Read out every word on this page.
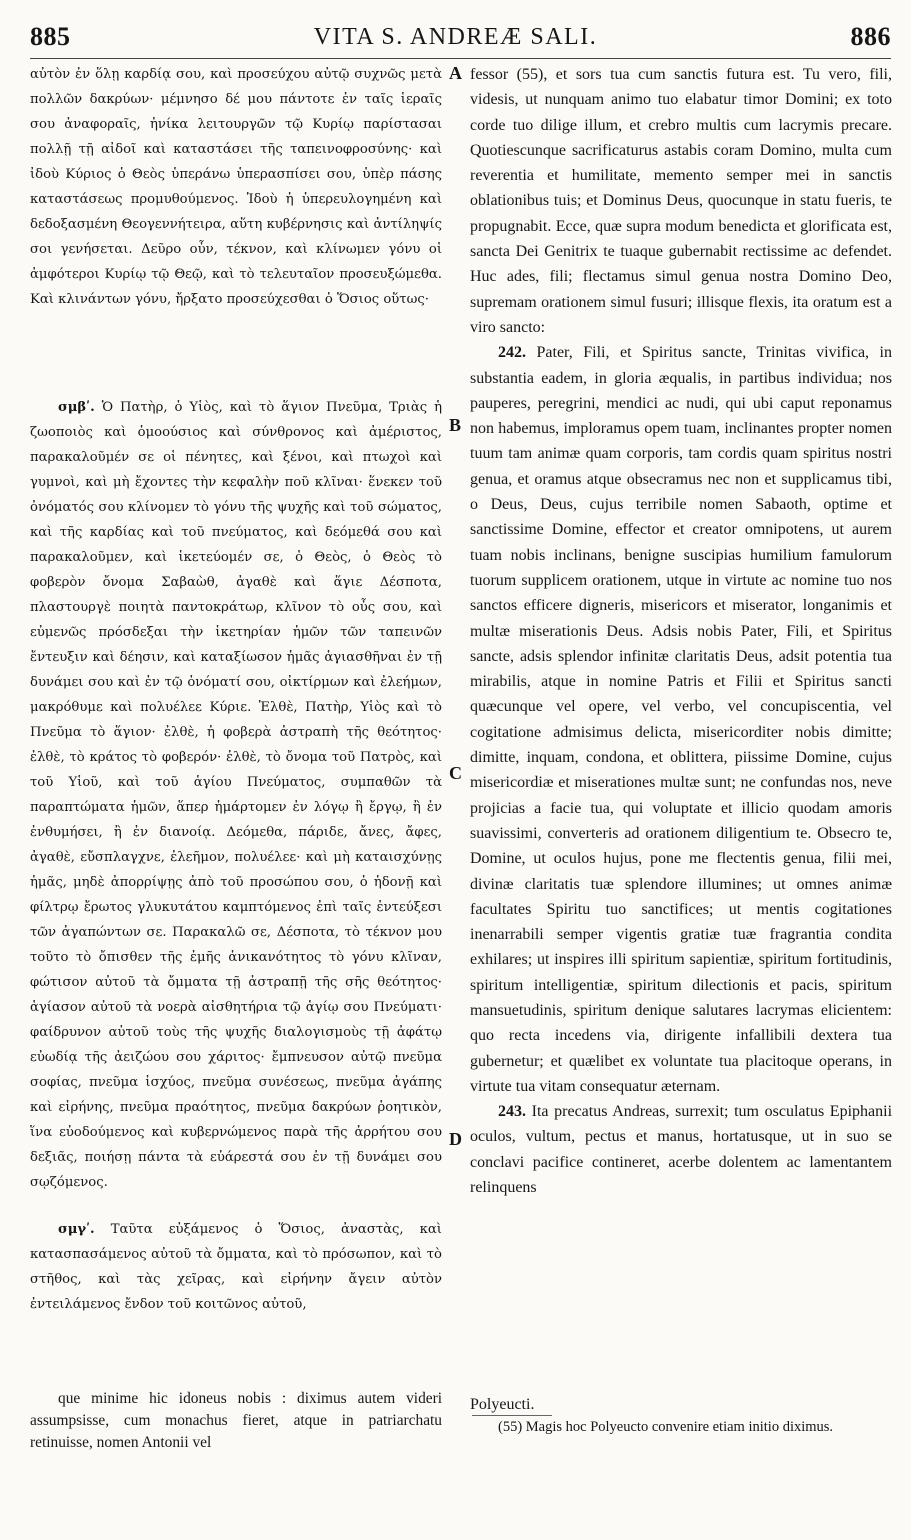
885	VITA S. ANDREÆ SALI.	886

αὐτὸν ἐν ὅλῃ καρδίᾳ σου, καὶ προσεύχου αὐτῷ συχνῶς μετὰ πολλῶν δακρύων· μέμνησο δέ μου πάντοτε ἐν ταῖς ἱεραῖς σου ἀναφοραῖς, ἡνίκα λειτουργῶν τῷ Κυρίῳ παρίστασαι πολλῇ τῇ αἰδοῖ καὶ καταστάσει τῆς ταπεινοφροσύνης· καὶ ἰδοὺ Κύριος ὁ Θεὸς ὑπεράνω ὑπερασπίσει σου, ὑπὲρ πάσης καταστάσεως προμυθούμενος. Ἰδοὺ ἡ ὑπερευλογημένη καὶ δεδοξασμένη Θεογεννήτειρα, αὕτη κυβέρνησις καὶ ἀντίληψίς σοι γενήσεται. Δεῦρο οὖν, τέκνον, καὶ κλίνωμεν γόνυ οἱ ἀμφότεροι Κυρίῳ τῷ Θεῷ, καὶ τὸ τελευταῖον προσευξώμεθα. Καὶ κλινάντων γόνυ, ἤρξατο προσεύχεσθαι ὁ Ὅσιος οὕτως·

σμβʹ. Ὁ Πατὴρ, ὁ Υἱὸς, καὶ τὸ ἅγιον Πνεῦμα, Τριὰς ἡ ζωοποιὸς καὶ ὁμοούσιος καὶ σύνθρονος καὶ ἀμέριστος, παρακαλοῦμέν σε οἱ πένητες, καὶ ξένοι, καὶ πτωχοὶ καὶ γυμνοὶ, καὶ μὴ ἔχοντες τὴν κεφαλὴν ποῦ κλῖναι· ἕνεκεν τοῦ ὀνόματός σου κλίνομεν τὸ γόνυ τῆς ψυχῆς καὶ τοῦ σώματος, καὶ τῆς καρδίας καὶ τοῦ πνεύματος, καὶ δεόμεθά σου καὶ παρακαλοῦμεν, καὶ ἱκετεύομέν σε, ὁ Θεὸς, ὁ Θεὸς τὸ φοβερὸν ὄνομα Σαβαὼθ, ἀγαθὲ καὶ ἅγιε Δέσποτα, πλαστουργὲ ποιητὰ παντοκράτωρ, κλῖνον τὸ οὖς σου, καὶ εὐμενῶς πρόσδεξαι τὴν ἱκετηρίαν ἡμῶν τῶν ταπεινῶν ἔντευξιν καὶ δέησιν, καὶ καταξίωσον ἡμᾶς ἁγιασθῆναι ἐν τῇ δυνάμει σου καὶ ἐν τῷ ὀνόματί σου, οἰκτίρμων καὶ ἐλεήμων, μακρόθυμε καὶ πολυέλεε Κύριε. Ἐλθὲ, Πατὴρ, Υἱὸς καὶ τὸ Πνεῦμα τὸ ἅγιον· ἐλθὲ, ἡ φοβερὰ ἀστραπὴ τῆς θεότητος· ἐλθὲ, τὸ κράτος τὸ φοβερόν· ἐλθὲ, τὸ ὄνομα τοῦ Πατρὸς, καὶ τοῦ Υἱοῦ, καὶ τοῦ ἁγίου Πνεύματος, συμπαθῶν τὰ παραπτώματα ἡμῶν, ἅπερ ἡμάρτομεν ἐν λόγῳ ἢ ἔργῳ, ἢ ἐν ἐνθυμήσει, ἢ ἐν διανοίᾳ. Δεόμεθα, πάριδε, ἄνες, ἄφες, ἀγαθὲ, εὔσπλαγχνε, ἐλεῆμον, πολυέλεε· καὶ μὴ καταισχύνῃς ἡμᾶς, μηδὲ ἀπορρίψῃς ἀπὸ τοῦ προσώπου σου, ὁ ἡδονῇ καὶ φίλτρῳ ἔρωτος γλυκυτάτου καμπτόμενος ἐπὶ ταῖς ἐντεύξεσι τῶν ἀγαπώντων σε. Παρακαλῶ σε, Δέσποτα, τὸ τέκνον μου τοῦτο τὸ ὄπισθεν τῆς ἐμῆς ἀνικανότητος τὸ γόνυ κλῖναν, φώτισον αὐτοῦ τὰ ὄμματα τῇ ἀστραπῇ τῆς σῆς θεότητος· ἁγίασον αὐτοῦ τὰ νοερὰ αἰσθητήρια τῷ ἁγίῳ σου Πνεύματι· φαίδρυνον αὐτοῦ τοὺς τῆς ψυχῆς διαλογισμοὺς τῇ ἀφάτῳ εὐωδίᾳ τῆς ἀειζώου σου χάριτος· ἔμπνευσον αὐτῷ πνεῦμα σοφίας, πνεῦμα ἰσχύος, πνεῦμα συνέσεως, πνεῦμα ἀγάπης καὶ εἰρήνης, πνεῦμα πραότητος, πνεῦμα δακρύων ῥοητικὸν, ἵνα εὐοδούμενος καὶ κυβερνώμενος παρὰ τῆς ἀρρήτου σου δεξιᾶς, ποιήσῃ πάντα τὰ εὐάρεστά σου ἐν τῇ δυνάμει σου σῳζόμενος.

σμγʹ. Ταῦτα εὐξάμενος ὁ Ὅσιος, ἀναστὰς, καὶ κατασπασάμενος αὐτοῦ τὰ ὄμματα, καὶ τὸ πρόσωπον, καὶ τὸ στῆθος, καὶ τὰς χεῖρας, καὶ εἰρήνην ἄγειν αὐτὸν ἐντειλάμενος ἔνδον τοῦ κοιτῶνος αὐτοῦ,

que minime hic idoneus nobis : diximus autem videri assumpsisse, cum monachus fieret, atque in patriarchatu retinuisse, nomen Antonii vel

A
B
C
D

fessor (55), et sors tua cum sanctis futura est. Tu vero, fili, videsis, ut nunquam animo tuo elabatur timor Domini; ex toto corde tuo dilige illum, et crebro multis cum lacrymis precare. Quotiescunque sacrificaturus astabis coram Domino, multa cum reverentia et humilitate, memento semper mei in sanctis oblationibus tuis; et Dominus Deus, quocunque in statu fueris, te propugnabit. Ecce, quæ supra modum benedicta et glorificata est, sancta Dei Genitrix te tuaque gubernabit rectissime ac defendet. Huc ades, fili; flectamus simul genua nostra Domino Deo, supremam orationem simul fusuri; illisque flexis, ita oratum est a viro sancto:

242. Pater, Fili, et Spiritus sancte, Trinitas vivifica, in substantia eadem, in gloria æqualis, in partibus individua; nos pauperes, peregrini, mendici ac nudi, qui ubi caput reponamus non habemus, imploramus opem tuam, inclinantes propter nomen tuum tam animæ quam corporis, tam cordis quam spiritus nostri genua, et oramus atque obsecramus nec non et supplicamus tibi, o Deus, Deus, cujus terribile nomen Sabaoth, optime et sanctissime Domine, effector et creator omnipotens, ut aurem tuam nobis inclinans, benigne suscipias humilium famulorum tuorum supplicem orationem, utque in virtute ac nomine tuo nos sanctos efficere digneris, misericors et miserator, longanimis et multæ miserationis Deus. Adsis nobis Pater, Fili, et Spiritus sancte, adsis splendor infinitæ claritatis Deus, adsit potentia tua mirabilis, atque in nomine Patris et Filii et Spiritus sancti quæcunque vel opere, vel verbo, vel concupiscentia, vel cogitatione admisimus delicta, misericorditer nobis dimitte; dimitte, inquam, condona, et oblittera, piissime Domine, cujus misericordiæ et miserationes multæ sunt; ne confundas nos, neve projicias a facie tua, qui voluptate et illicio quodam amoris suavissimi, converteris ad orationem diligentium te. Obsecro te, Domine, ut oculos hujus, pone me flectentis genua, filii mei, divinæ claritatis tuæ splendore illumines; ut omnes animæ facultates Spiritu tuo sanctifices; ut mentis cogitationes inenarrabili semper vigentis gratiæ tuæ fragrantia condita exhilares; ut inspires illi spiritum sapientiæ, spiritum fortitudinis, spiritum intelligentiæ, spiritum dilectionis et pacis, spiritum mansuetudinis, spiritum denique salutares lacrymas elicientem: quo recta incedens via, dirigente infallibili dextera tua gubernetur; et quælibet ex voluntate tua placitoque operans, in virtute tua vitam consequatur æternam.

243. Ita precatus Andreas, surrexit; tum osculatus Epiphanii oculos, vultum, pectus et manus, hortatusque, ut in suo se conclavi pacifice contineret, acerbe dolentem ac lamentantem relinquens

Polyeucti.

(55) Magis hoc Polyeucto convenire etiam initio diximus.
